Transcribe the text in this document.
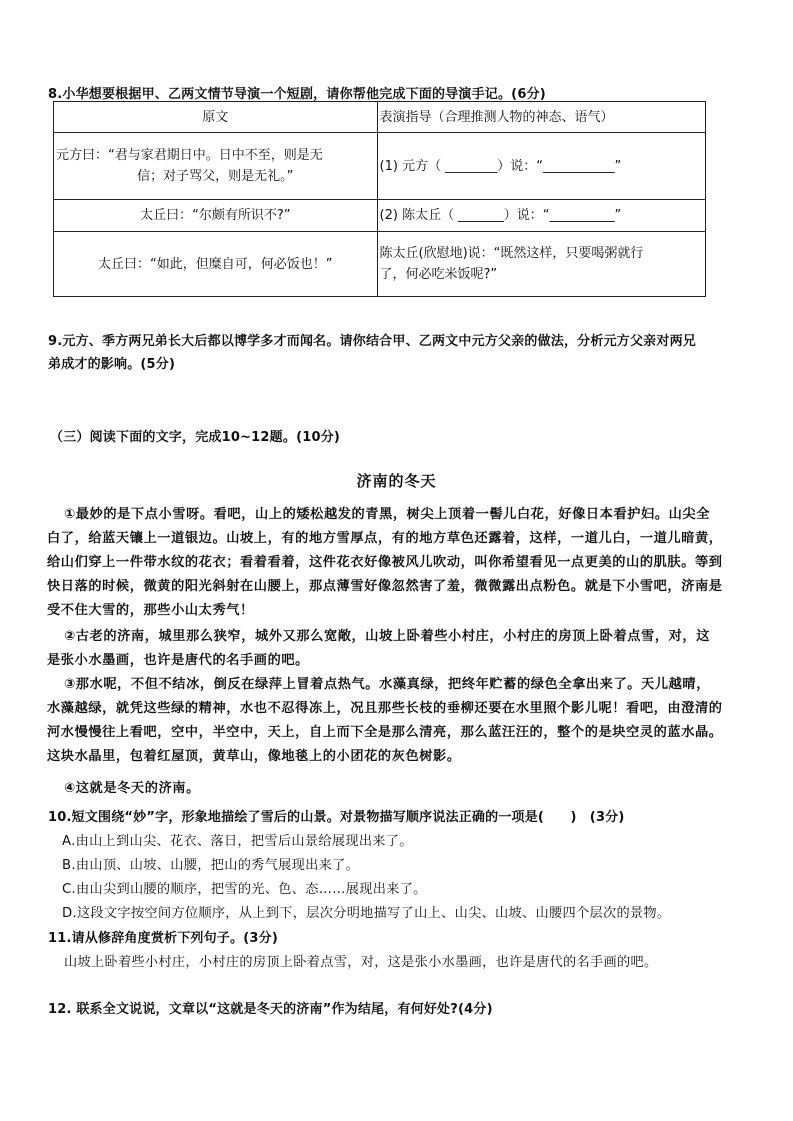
8.小华想要根据甲、乙两文情节导演一个短剧，请你帮他完成下面的导演手记。(6分)
原文	表演指导（合理推测人物的神态、语气）

元方曰：“君与家君期日中。日中不至，则是无
信；对子骂父，则是无礼。”	(1) 元方（ ________）说：“___________”
太丘曰：“尔颇有所识不?”	(2) 陈太丘（ _______）说：“__________”
太丘曰：“如此，但糜自可，何必饭也！”	陈太丘(欣慰地)说：“既然这样，只要喝粥就行
了，何必吃米饭呢?”
9.元方、季方两兄弟长大后都以博学多才而闻名。请你结合甲、乙两文中元方父亲的做法，分析元方父亲对两兄
弟成才的影响。(5分)
（三）阅读下面的文字，完成10~12题。(10分)
济南的冬天
①最妙的是下点小雪呀。看吧，山上的矮松越发的青黑，树尖上顶着一髻儿白花，好像日本看护妇。山尖全
白了，给蓝天镶上一道银边。山坡上，有的地方雪厚点，有的地方草色还露着，这样，一道儿白，一道儿暗黄，
给山们穿上一件带水纹的花衣；看着看着，这件花衣好像被风儿吹动，叫你希望看见一点更美的山的肌肤。等到
快日落的时候，微黄的阳光斜射在山腰上，那点薄雪好像忽然害了羞，微微露出点粉色。就是下小雪吧，济南是
受不住大雪的，那些小山太秀气！
②古老的济南，城里那么狭窄，城外又那么宽敞，山坡上卧着些小村庄，小村庄的房顶上卧着点雪，对，这
是张小水墨画，也许是唐代的名手画的吧。
③那水呢，不但不结冰，倒反在绿萍上冒着点热气。水藻真绿，把终年贮蓄的绿色全拿出来了。天儿越晴，
水藻越绿，就凭这些绿的精神，水也不忍得冻上，况且那些长枝的垂柳还要在水里照个影儿呢！看吧，由澄清的
河水慢慢往上看吧，空中，半空中，天上，自上而下全是那么清亮，那么蓝汪汪的，整个的是块空灵的蓝水晶。
这块水晶里，包着红屋顶，黄草山，像地毯上的小团花的灰色树影。
④这就是冬天的济南。
10.短文围绕“妙”字，形象地描绘了雪后的山景。对景物描写顺序说法正确的一项是(　　)　(3分)
A.由山上到山尖、花衣、落日，把雪后山景给展现出来了。
B.由山顶、山坡、山腰，把山的秀气展现出来了。
C.由山尖到山腰的顺序，把雪的光、色、态……展现出来了。
D.这段文字按空间方位顺序，从上到下，层次分明地描写了山上、山尖、山坡、山腰四个层次的景物。
11.请从修辞角度赏析下列句子。(3分)
山坡上卧着些小村庄，小村庄的房顶上卧着点雪，对，这是张小水墨画，也许是唐代的名手画的吧。
12. 联系全文说说，文章以“这就是冬天的济南”作为结尾，有何好处?(4分)
